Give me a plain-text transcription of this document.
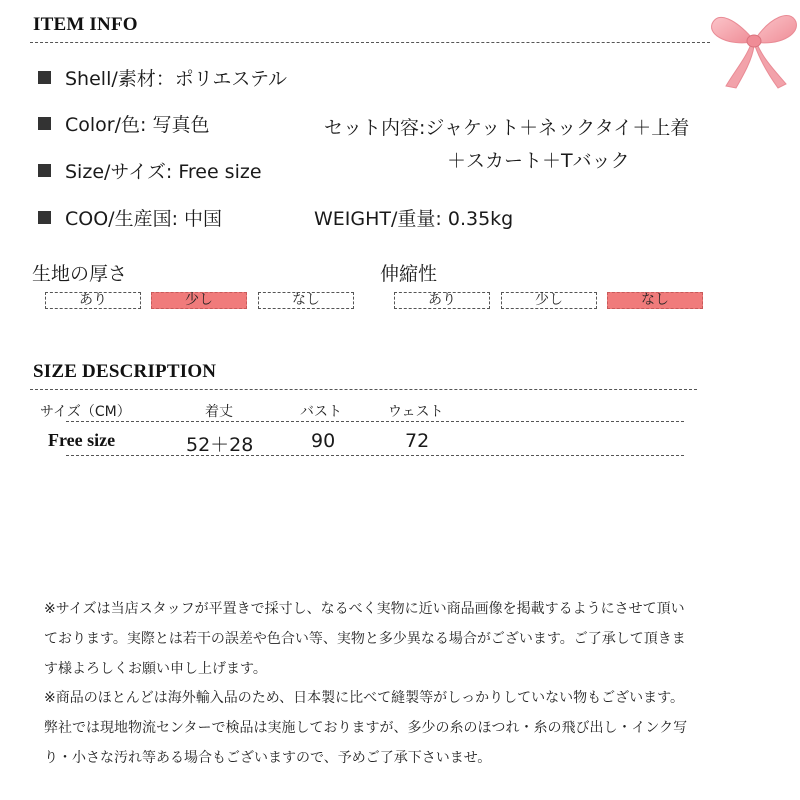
ITEM INFO
Shell/素材：ポリエステル
Color/色: 写真色
Size/サイズ: Free size
COO/生産国: 中国
セット内容:ジャケット＋ネックタイ＋上着
＋スカート＋Tバック
WEIGHT/重量: 0.35kg
生地の厚さ
あり	少し	なし
伸縮性
あり	少し	なし
SIZE DESCRIPTION
サイズ（CM）	着丈	バスト	ウェスト
Free size	52＋28	90	72

※サイズは当店スタッフが平置きで採寸し、なるべく実物に近い商品画像を掲載するようにさせて頂いております。実際とは若干の誤差や色合い等、実物と多少異なる場合がございます。ご了承して頂きます様よろしくお願い申し上げます。

※商品のほとんどは海外輸入品のため、日本製に比べて縫製等がしっかりしていない物もございます。弊社では現地物流センターで検品は実施しておりますが、多少の糸のほつれ・糸の飛び出し・インク写り・小さな汚れ等ある場合もございますので、予めご了承下さいませ。
